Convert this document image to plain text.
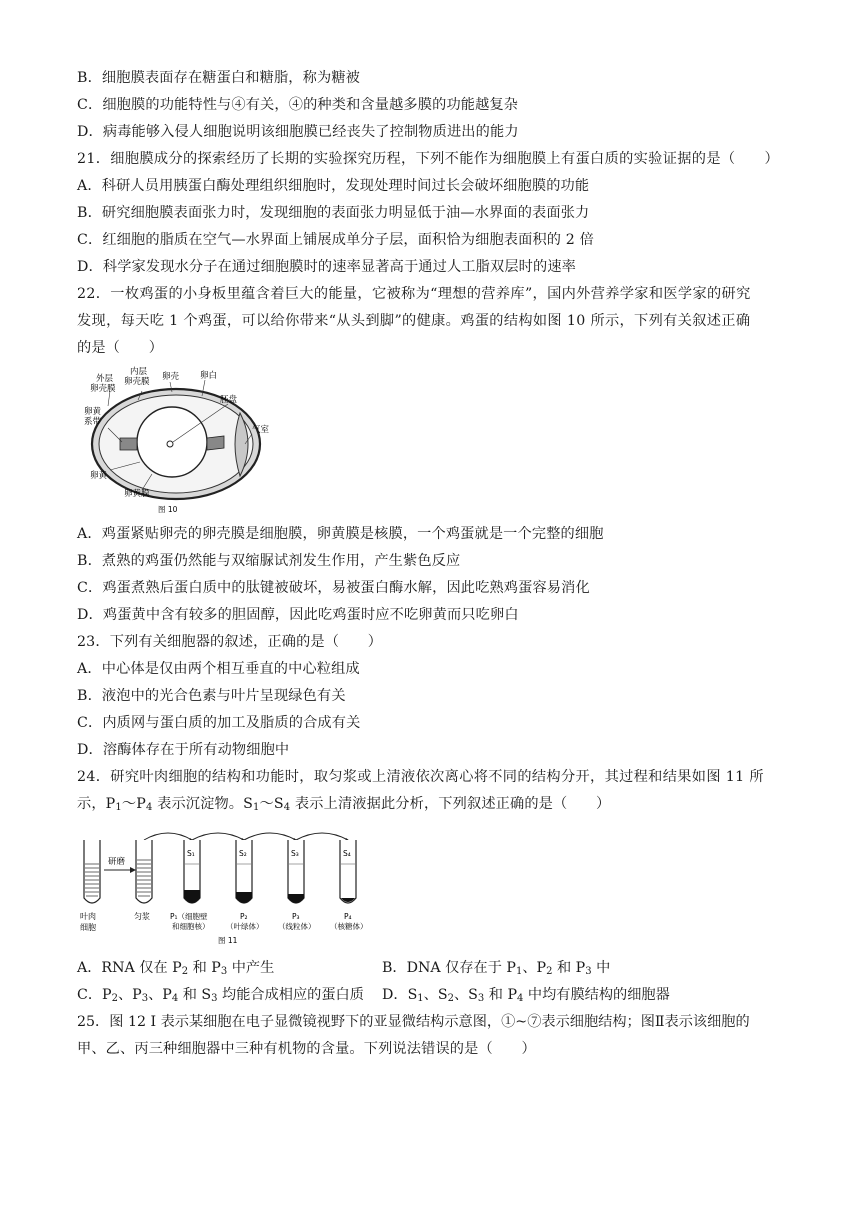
B．细胞膜表面存在糖蛋白和糖脂，称为糖被
C．细胞膜的功能特性与④有关，④的种类和含量越多膜的功能越复杂
D．病毒能够入侵人细胞说明该细胞膜已经丧失了控制物质进出的能力
21．细胞膜成分的探索经历了长期的实验探究历程，下列不能作为细胞膜上有蛋白质的实验证据的是（　　）
A．科研人员用胰蛋白酶处理组织细胞时，发现处理时间过长会破坏细胞膜的功能
B．研究细胞膜表面张力时，发现细胞的表面张力明显低于油—水界面的表面张力
C．红细胞的脂质在空气—水界面上铺展成单分子层，面积恰为细胞表面积的 2 倍
D．科学家发现水分子在通过细胞膜时的速率显著高于通过人工脂双层时的速率
22．一枚鸡蛋的小身板里蕴含着巨大的能量，它被称为“理想的营养库”，国内外营养学家和医学家的研究
发现，每天吃 1 个鸡蛋，可以给你带来“从头到脚”的健康。鸡蛋的结构如图 10 所示，下列有关叙述正确
的是（　　）
外层
卵壳膜
内层
卵壳膜 卵壳 卵白
胚盘
卵黄
系带
气室
卵黄
卵黄膜
图 10
A．鸡蛋紧贴卵壳的卵壳膜是细胞膜，卵黄膜是核膜，一个鸡蛋就是一个完整的细胞
B．煮熟的鸡蛋仍然能与双缩脲试剂发生作用，产生紫色反应
C．鸡蛋煮熟后蛋白质中的肽键被破坏，易被蛋白酶水解，因此吃熟鸡蛋容易消化
D．鸡蛋黄中含有较多的胆固醇，因此吃鸡蛋时应不吃卵黄而只吃卵白
23．下列有关细胞器的叙述，正确的是（　　）
A．中心体是仅由两个相互垂直的中心粒组成
B．液泡中的光合色素与叶片呈现绿色有关
C．内质网与蛋白质的加工及脂质的合成有关
D．溶酶体存在于所有动物细胞中
24．研究叶肉细胞的结构和功能时，取匀浆或上清液依次离心将不同的结构分开，其过程和结果如图 11 所
示，$P_1\sim P_4$ 表示沉淀物。$S_1\sim S_4$ 表示上清液据此分析，下列叙述正确的是（　　）
研磨
S₁	S₂	S₃	S₄
叶肉
细胞
匀浆	P₁（细胞壁
和细胞核）
P₂
（叶绿体）
P₃
（线粒体）
P₄
（核糖体）
图 11
A．RNA 仅在 $P_2$ 和 $P_3$ 中产生	B．DNA 仅存在于 $P_1$、$P_2$ 和 $P_3$ 中
C．$P_2$、$P_3$、$P_4$ 和 $S_3$ 均能合成相应的蛋白质 D．$S_1$、$S_2$、$S_3$ 和 $P_4$ 中均有膜结构的细胞器
25．图 12 Ⅰ 表示某细胞在电子显微镜视野下的亚显微结构示意图，①~⑦表示细胞结构；图Ⅱ表示该细胞的
甲、乙、丙三种细胞器中三种有机物的含量。下列说法错误的是（　　）
